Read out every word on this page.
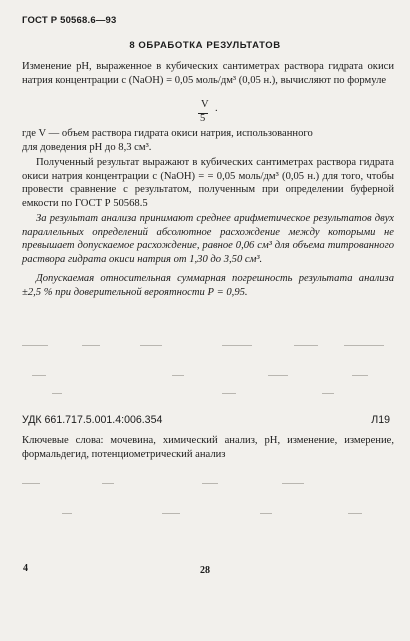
ГОСТ Р 50568.6—93
8 ОБРАБОТКА РЕЗУЛЬТАТОВ
Изменение рН, выраженное в кубических сантиметрах раствора гидрата окиси натрия концентрации с (NaOH) = 0,05 моль/дм³ (0,05 н.), вычисляют по формуле
V
5
.
где V — объем раствора гидрата окиси натрия, использованного
для доведения рН до 8,3 см³.
Полученный результат выражают в кубических сантиметрах раствора гидрата окиси натрия концентрации с (NaOH) = = 0,05 моль/дм³ (0,05 н.) для того, чтобы провести сравнение с результатом, полученным при определении буферной емкости по ГОСТ Р 50568.5
За результат анализа принимают среднее арифметическое результатов двух параллельных определений абсолютное расхождение между которыми не превышает допускаемое расхождение, равное 0,06 см³ для объема титрованного раствора гидрата окиси натрия от 1,30 до 3,50 см³.
Допускаемая относительная суммарная погрешность результата анализа ±2,5 % при доверительной вероятности Р = 0,95.
УДК 661.717.5.001.4:006.354	Л19
Ключевые слова: мочевина, химический анализ, рН, изменение, измерение, формальдегид, потенциометрический анализ
4	28
